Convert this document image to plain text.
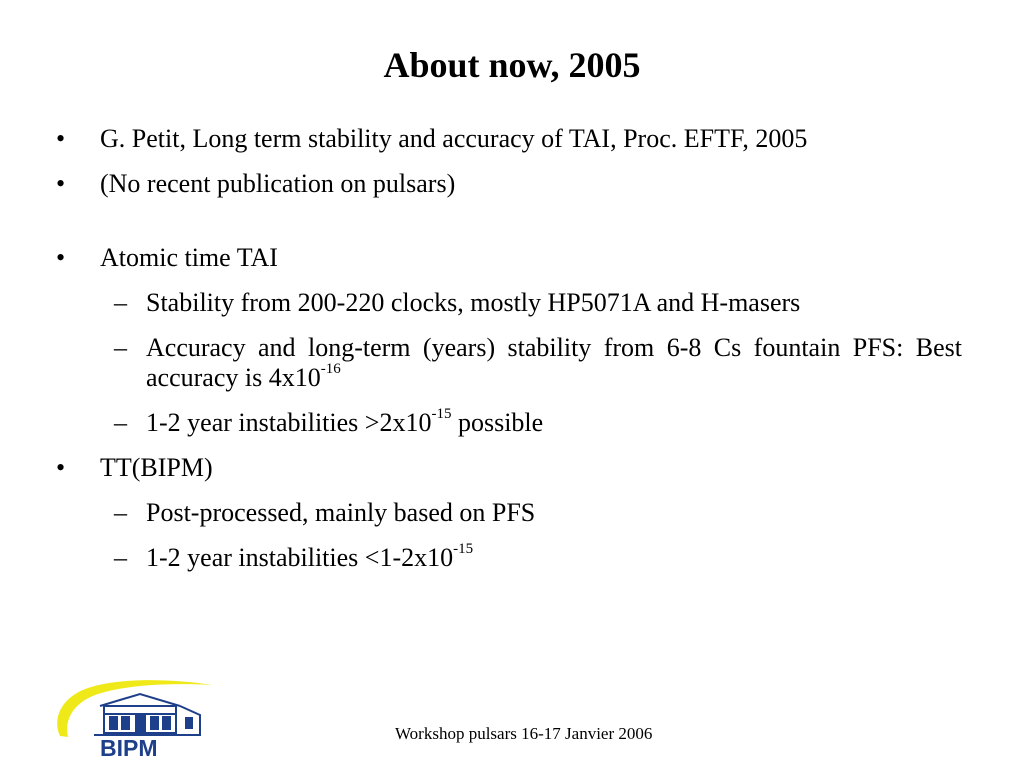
About now, 2005
• G. Petit, Long term stability and accuracy of TAI, Proc. EFTF, 2005
• (No recent publication on pulsars)
• Atomic time TAI
– Stability from 200-220 clocks, mostly HP5071A and H-masers
– Accuracy and long-term (years) stability from 6-8 Cs fountain PFS: Best accuracy is $4x10^{-16}$
– 1-2 year instabilities $>2x10^{-15}$ possible
• TT(BIPM)
– Post-processed, mainly based on PFS
– 1-2 year instabilities $<1-2x10^{-15}$
BIPM
Workshop pulsars 16-17 Janvier 2006
